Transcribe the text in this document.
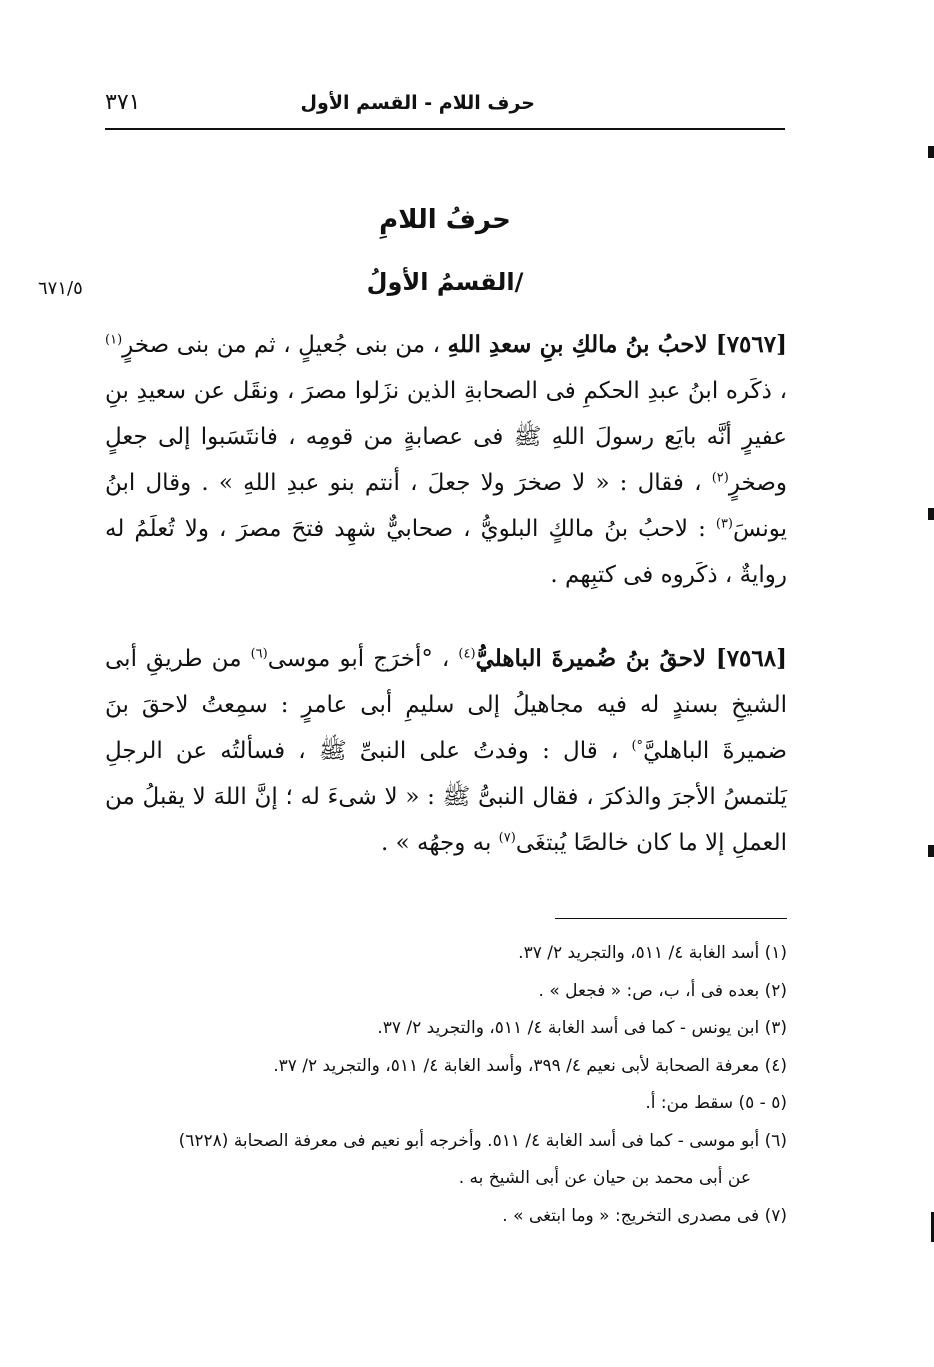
حرف اللام - القسم الأول
٣٧١
٦٧١/٥
حرفُ اللامِ
/القسمُ الأولُ
[٧٥٦٧] لاحبُ بنُ مالكِ بنِ سعدِ اللهِ ، من بنى جُعيلٍ ، ثم من بنى صخرٍ$^{(١)}$ ، ذكَره ابنُ عبدِ الحكمِ فى الصحابةِ الذين نزَلوا مصرَ ، ونقَل عن سعيدِ بنِ عفيرٍ أنَّه بايَع رسولَ اللهِ ﷺ فى عصابةٍ من قومِه ، فانتَسَبوا إلى جعلٍ وصخرٍ$^{(٢)}$ ، فقال : « لا صخرَ ولا جعلَ ، أنتم بنو عبدِ اللهِ » . وقال ابنُ يونسَ$^{(٣)}$ : لاحبُ بنُ مالكٍ البلويُّ ، صحابيٌّ شهِد فتحَ مصرَ ، ولا تُعلَمُ له روايةٌ ، ذكَروه فى كتبِهم .
[٧٥٦٨] لاحقُ بنُ ضُميرةَ الباهليُّ$^{(٤)}$ ، °أخرَج أبو موسى$^{(٦)}$ من طريقِ أبى الشيخِ بسندٍ له فيه مجاهيلُ إلى سليمِ أبى عامرٍ : سمِعتُ لاحقَ بنَ ضميرةَ الباهليَّ°) ، قال : وفدتُ على النبىِّ ﷺ ، فسألتُه عن الرجلِ يَلتمسُ الأجرَ والذكرَ ، فقال النبىُّ ﷺ : « لا شىءَ له ؛ إنَّ اللهَ لا يقبلُ من العملِ إلا ما كان خالصًا يُبتغَى$^{(٧)}$ به وجهُه » .
(١) أسد الغابة ٤/ ٥١١، والتجريد ٢/ ٣٧.
(٢) بعده فى أ، ب، ص: « فجعل » .
(٣) ابن يونس - كما فى أسد الغابة ٤/ ٥١١، والتجريد ٢/ ٣٧.
(٤) معرفة الصحابة لأبى نعيم ٤/ ٣٩٩، وأسد الغابة ٤/ ٥١١، والتجريد ٢/ ٣٧.
(٥ - ٥) سقط من: أ.
(٦) أبو موسى - كما فى أسد الغابة ٤/ ٥١١. وأخرجه أبو نعيم فى معرفة الصحابة (٦٢٢٨)
عن أبى محمد بن حيان عن أبى الشيخ به .
(٧) فى مصدرى التخريج: « وما ابتغى » .
